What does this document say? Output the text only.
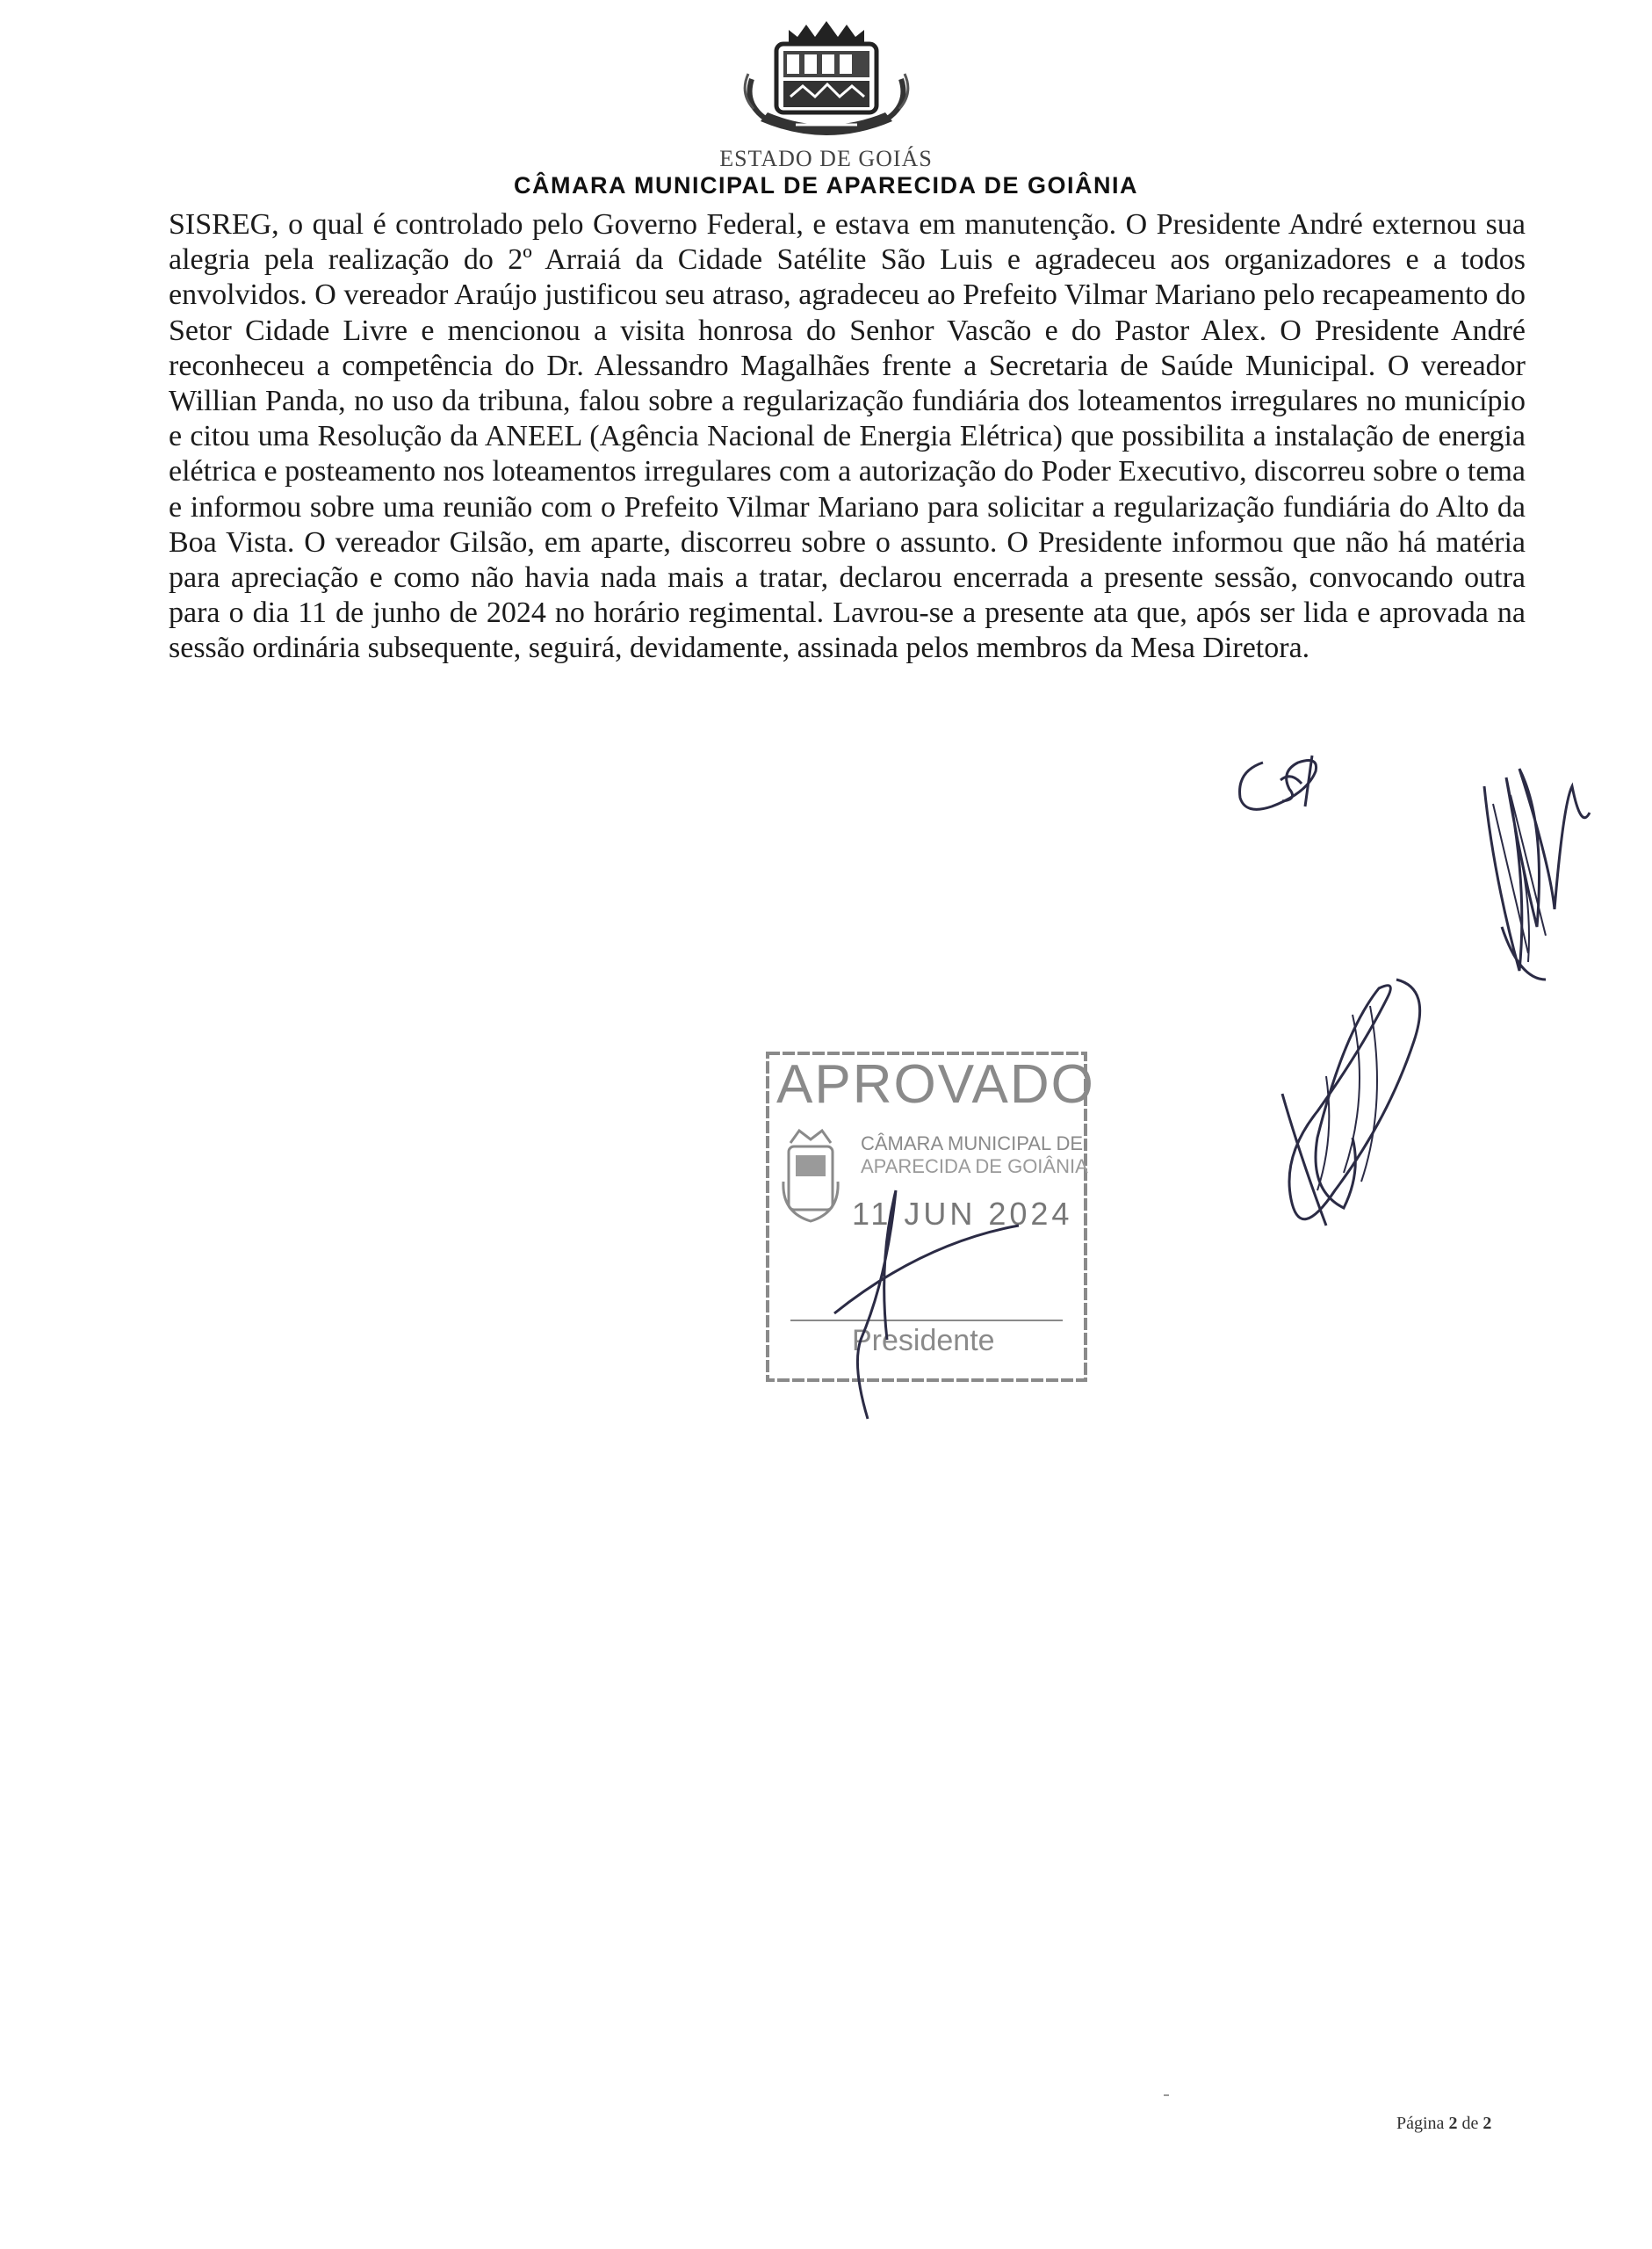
ESTADO DE GOIÁS
CÂMARA MUNICIPAL DE APARECIDA DE GOIÂNIA

SISREG, o qual é controlado pelo Governo Federal, e estava em manutenção. O Presidente André externou sua alegria pela realização do 2º Arraiá da Cidade Satélite São Luis e agradeceu aos organizadores e a todos envolvidos. O vereador Araújo justificou seu atraso, agradeceu ao Prefeito Vilmar Mariano pelo recapeamento do Setor Cidade Livre e mencionou a visita honrosa do Senhor Vascão e do Pastor Alex. O Presidente André reconheceu a competência do Dr. Alessandro Magalhães frente a Secretaria de Saúde Municipal. O vereador Willian Panda, no uso da tribuna, falou sobre a regularização fundiária dos loteamentos irregulares no município e citou uma Resolução da ANEEL (Agência Nacional de Energia Elétrica) que possibilita a instalação de energia elétrica e posteamento nos loteamentos irregulares com a autorização do Poder Executivo, discorreu sobre o tema e informou sobre uma reunião com o Prefeito Vilmar Mariano para solicitar a regularização fundiária do Alto da Boa Vista. O vereador Gilsão, em aparte, discorreu sobre o assunto. O Presidente informou que não há matéria para apreciação e como não havia nada mais a tratar, declarou encerrada a presente sessão, convocando outra para o dia 11 de junho de 2024 no horário regimental. Lavrou-se a presente ata que, após ser lida e aprovada na sessão ordinária subsequente, seguirá, devidamente, assinada pelos membros da Mesa Diretora.

APROVADO
CÂMARA MUNICIPAL DE
APARECIDA DE GOIÂNIA
11 JUN 2024
Presidente
Página 2 de 2
